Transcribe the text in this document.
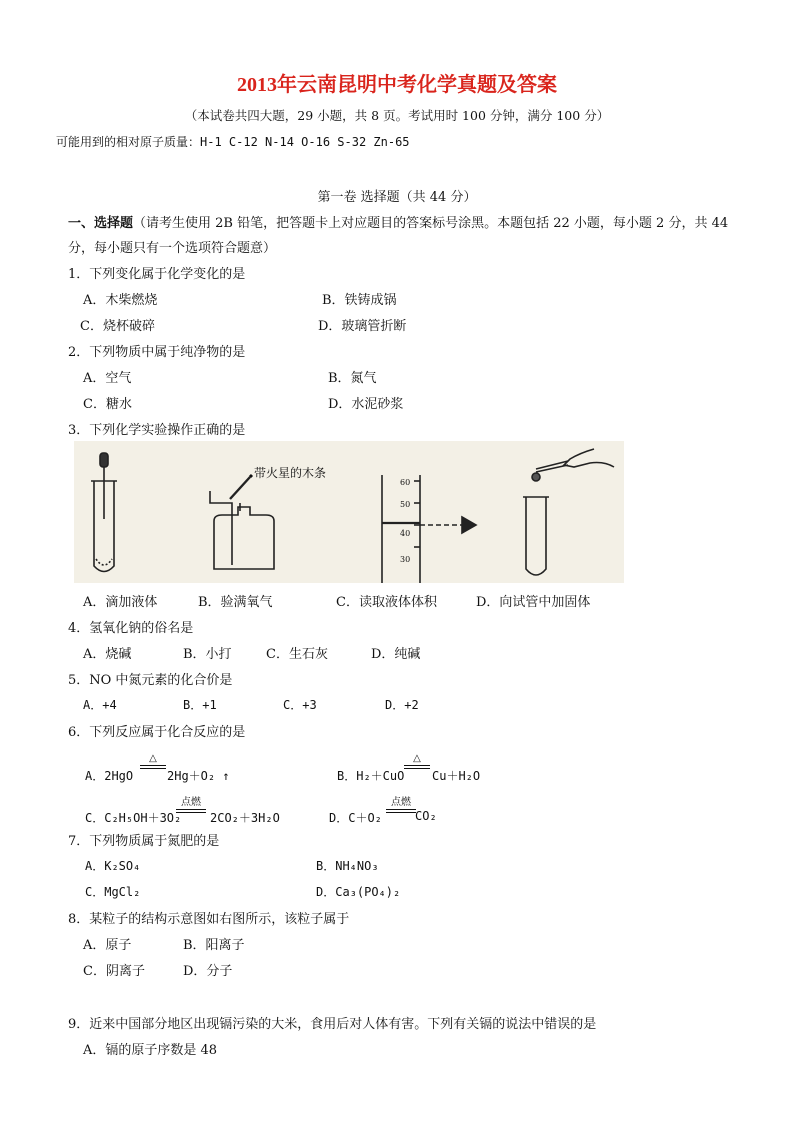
2013年云南昆明中考化学真题及答案
（本试卷共四大题，29 小题，共 8 页。考试用时 100 分钟，满分 100 分）
可能用到的相对原子质量：H-1 C-12 N-14 O-16 S-32 Zn-65
第一卷 选择题（共 44 分）
一、选择题（请考生使用 2B 铅笔，把答题卡上对应题目的答案标号涂黑。本题包括 22 小题，每小题 2 分，共 44
分，每小题只有一个选项符合题意）
1．下列变化属于化学变化的是
A．木柴燃烧	B．铁铸成锅
C．烧杯破碎	D．玻璃管折断
2．下列物质中属于纯净物的是
A．空气	B．氮气
C．糖水	D．水泥砂浆
3．下列化学实验操作正确的是
带火星的木条
60
50
40
30
A．滴加液体	B．验满氧气	C．读取液体体积	D．向试管中加固体
4．氢氧化钠的俗名是
A．烧碱	B．小打	C．生石灰	D．纯碱
5．NO 中氮元素的化合价是
A．+4	B．+1	C．+3	D．+2
6．下列反应属于化合反应的是
A．2HgO
△
2Hg＋O₂ ↑	B．H₂＋CuO
△
Cu＋H₂O
C．C₂H₅OH＋3O₂
点燃
2CO₂＋3H₂O	D．C＋O₂
点燃
CO₂
7．下列物质属于氮肥的是
A．K₂SO₄	B．NH₄NO₃
C．MgCl₂	D．Ca₃(PO₄)₂
8．某粒子的结构示意图如右图所示，该粒子属于
A．原子	B．阳离子
C．阴离子	D．分子
9．近来中国部分地区出现镉污染的大米，食用后对人体有害。下列有关镉的说法中错误的是
A．镉的原子序数是 48
